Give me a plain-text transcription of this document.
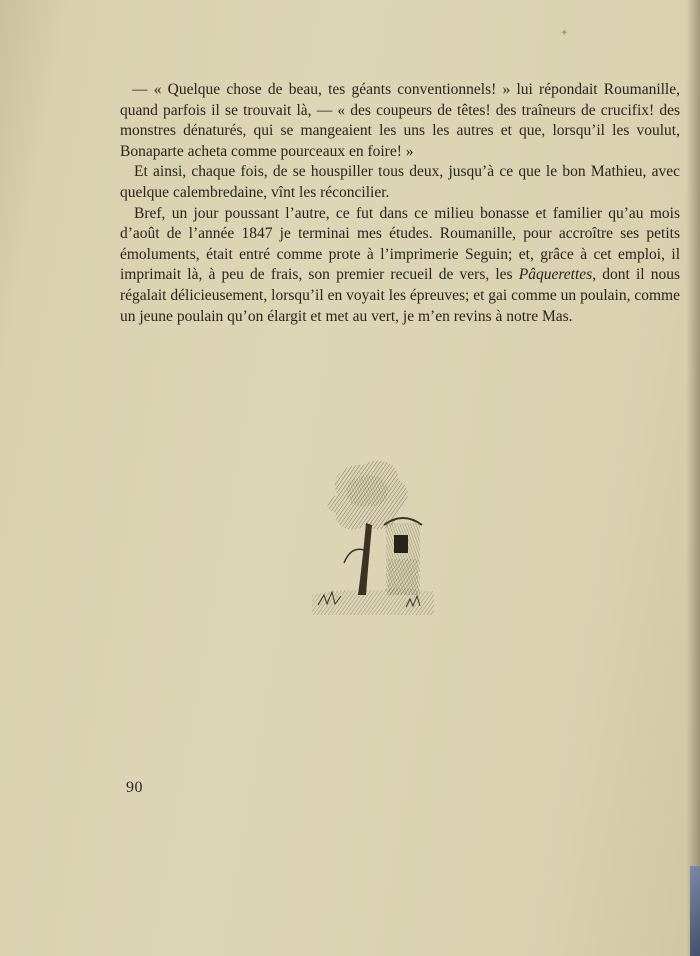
✦

— « Quelque chose de beau, tes géants conventionnels! » lui répondait Roumanille, quand parfois il se trouvait là, — « des coupeurs de têtes! des traîneurs de crucifix! des monstres dénaturés, qui se mangeaient les uns les autres et que, lorsqu’il les voulut, Bonaparte acheta comme pourceaux en foire! »

Et ainsi, chaque fois, de se houspiller tous deux, jusqu’à ce que le bon Mathieu, avec quelque calembredaine, vînt les réconcilier.

Bref, un jour poussant l’autre, ce fut dans ce milieu bonasse et familier qu’au mois d’août de l’année 1847 je terminai mes études. Roumanille, pour accroître ses petits émoluments, était entré comme prote à l’imprimerie Seguin; et, grâce à cet emploi, il imprimait là, à peu de frais, son premier recueil de vers, les Pâquerettes, dont il nous régalait délicieusement, lorsqu’il en voyait les épreuves; et gai comme un poulain, comme un jeune poulain qu’on élargit et met au vert, je m’en revins à notre Mas.

90
